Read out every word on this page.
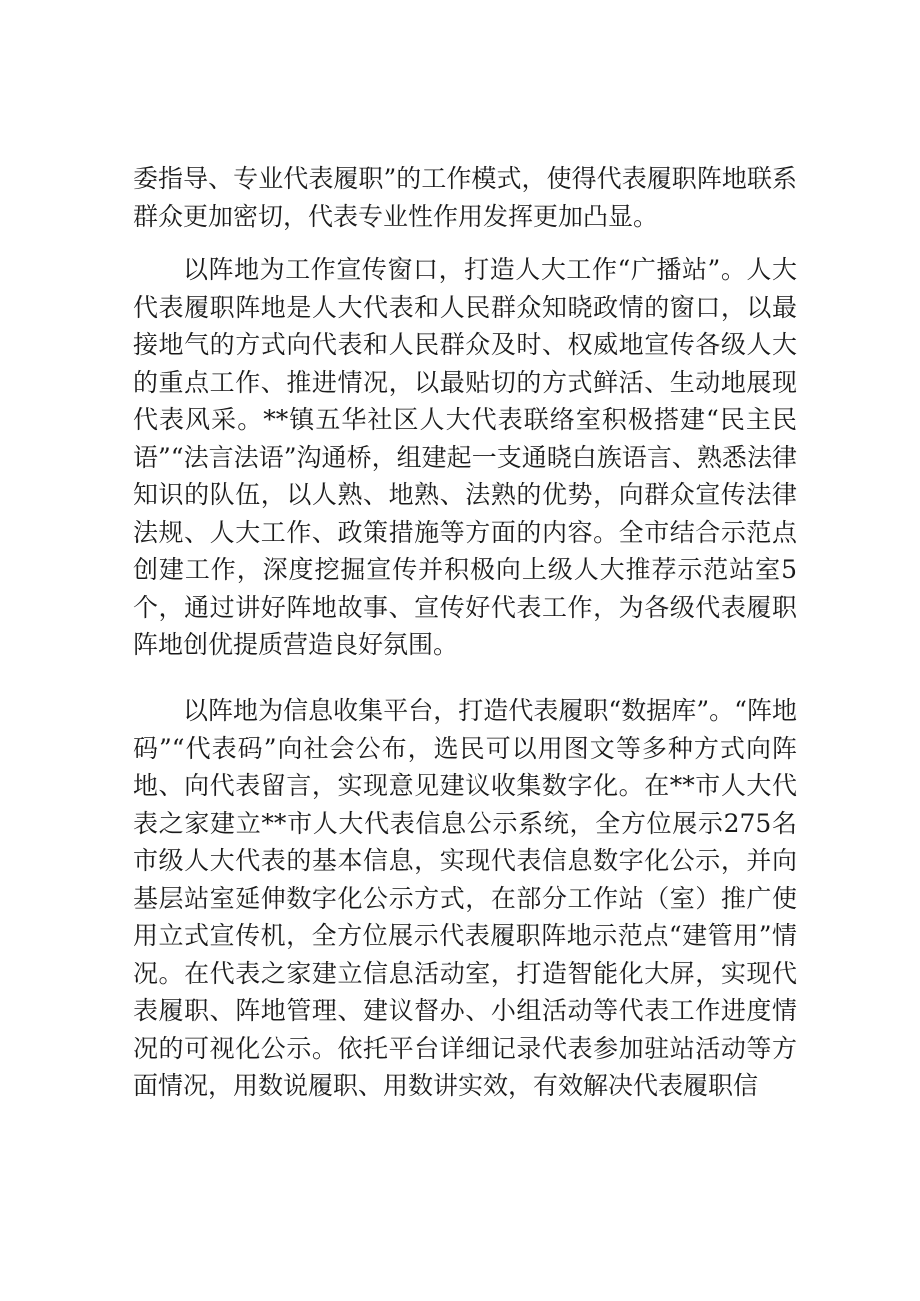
委指导、专业代表履职”的工作模式，使得代表履职阵地联系群众更加密切，代表专业性作用发挥更加凸显。

以阵地为工作宣传窗口，打造人大工作“广播站”。人大代表履职阵地是人大代表和人民群众知晓政情的窗口，以最接地气的方式向代表和人民群众及时、权威地宣传各级人大的重点工作、推进情况，以最贴切的方式鲜活、生动地展现代表风采。**镇五华社区人大代表联络室积极搭建“民主民语”“法言法语”沟通桥，组建起一支通晓白族语言、熟悉法律知识的队伍，以人熟、地熟、法熟的优势，向群众宣传法律法规、人大工作、政策措施等方面的内容。全市结合示范点创建工作，深度挖掘宣传并积极向上级人大推荐示范站室5个，通过讲好阵地故事、宣传好代表工作，为各级代表履职阵地创优提质营造良好氛围。

以阵地为信息收集平台，打造代表履职“数据库”。“阵地码”“代表码”向社会公布，选民可以用图文等多种方式向阵地、向代表留言，实现意见建议收集数字化。在**市人大代表之家建立**市人大代表信息公示系统，全方位展示275名市级人大代表的基本信息，实现代表信息数字化公示，并向基层站室延伸数字化公示方式，在部分工作站（室）推广使用立式宣传机，全方位展示代表履职阵地示范点“建管用”情况。在代表之家建立信息活动室，打造智能化大屏，实现代表履职、阵地管理、建议督办、小组活动等代表工作进度情况的可视化公示。依托平台详细记录代表参加驻站活动等方面情况，用数说履职、用数讲实效，有效解决代表履职信
